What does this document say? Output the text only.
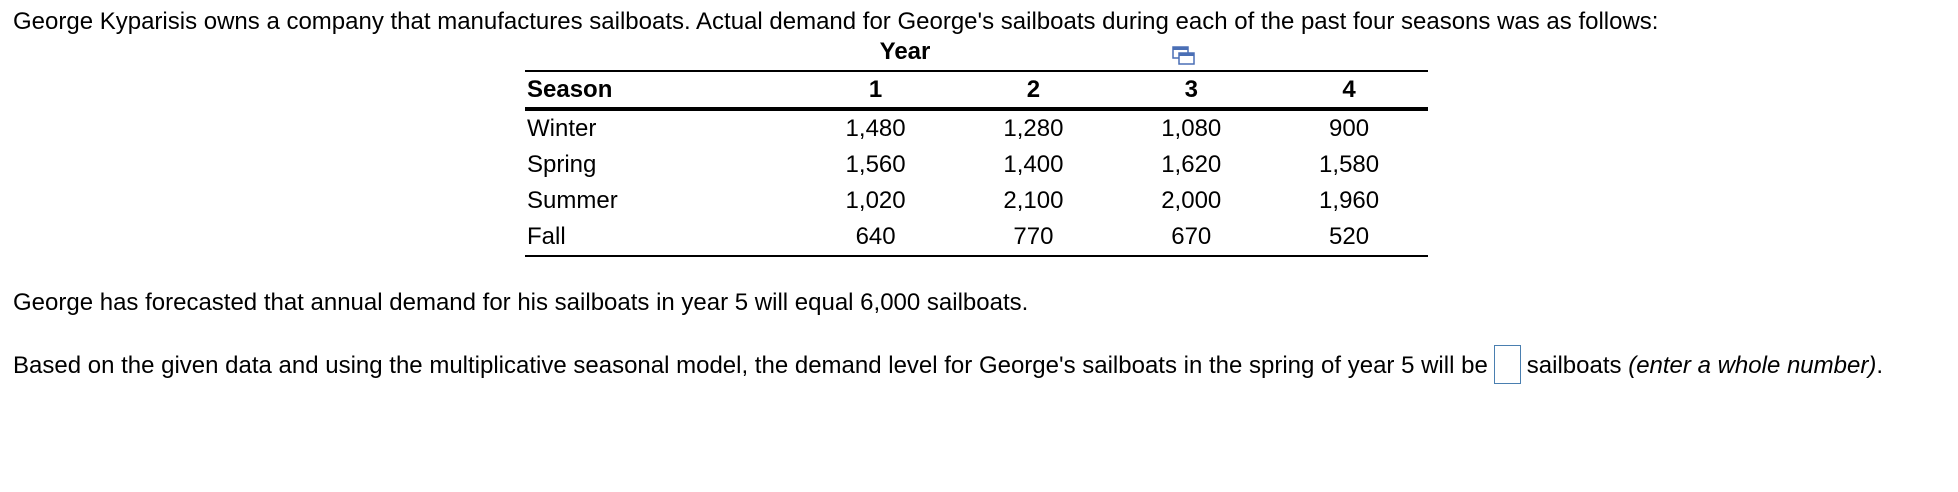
George Kyparisis owns a company that manufactures sailboats. Actual demand for George's sailboats during each of the past four seasons was as follows:
Year
Season	1	2	3	4
Winter	1,480	1,280	1,080	900
Spring	1,560	1,400	1,620	1,580
Summer	1,020	2,100	2,000	1,960
Fall	640	770	670	520
George has forecasted that annual demand for his sailboats in year 5 will equal 6,000 sailboats.
Based on the given data and using the multiplicative seasonal model, the demand level for George's sailboats in the spring of year 5 will be sailboats (enter a whole number).
